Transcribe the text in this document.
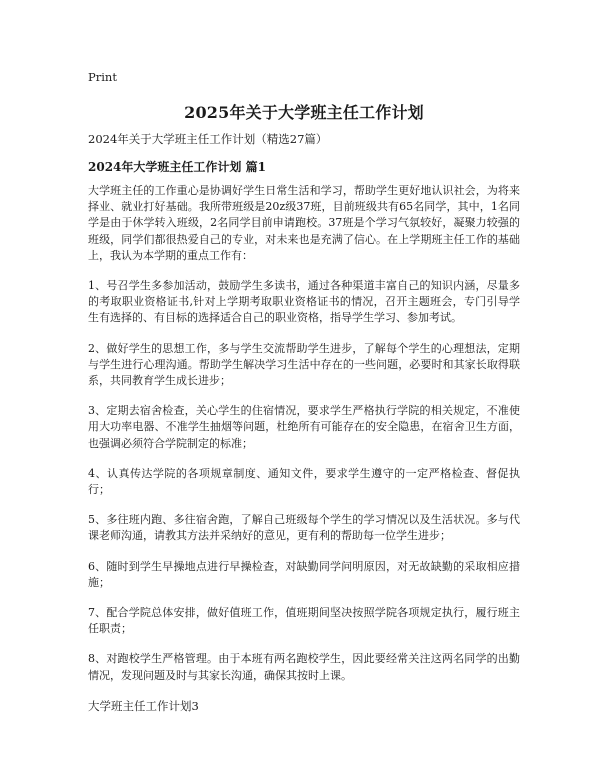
Print
2025年关于大学班主任工作计划
2024年关于大学班主任工作计划（精选27篇）
2024年大学班主任工作计划 篇1

大学班主任的工作重心是协调好学生日常生活和学习，帮助学生更好地认识社会，为将来择业、就业打好基础。我所带班级是20z级37班，目前班级共有65名同学，其中，1名同学是由于休学转入班级，2名同学目前申请跑校。37班是个学习气氛较好，凝聚力较强的班级，同学们都很热爱自己的专业，对未来也是充满了信心。在上学期班主任工作的基础上，我认为本学期的重点工作有：

1、号召学生多参加活动，鼓励学生多读书，通过各种渠道丰富自己的知识内涵，尽量多的考取职业资格证书,针对上学期考取职业资格证书的情况，召开主题班会，专门引导学生有选择的、有目标的选择适合自己的职业资格，指导学生学习、参加考试。

2、做好学生的思想工作，多与学生交流帮助学生进步，了解每个学生的心理想法，定期与学生进行心理沟通。帮助学生解决学习生活中存在的一些问题，必要时和其家长取得联系，共同教育学生成长进步；

3、定期去宿舍检查，关心学生的住宿情况，要求学生严格执行学院的相关规定，不准使用大功率电器、不准学生抽烟等问题，杜绝所有可能存在的安全隐患，在宿舍卫生方面，也强调必须符合学院制定的标准；

4、认真传达学院的各项规章制度、通知文件，要求学生遵守的一定严格检查、督促执行；

5、多往班内跑、多往宿舍跑，了解自己班级每个学生的学习情况以及生活状况。多与代课老师沟通，请教其方法并采纳好的意见，更有利的帮助每一位学生进步；

6、随时到学生早操地点进行早操检查，对缺勤同学问明原因，对无故缺勤的采取相应措施；

7、配合学院总体安排，做好值班工作，值班期间坚决按照学院各项规定执行，履行班主任职责；

8、对跑校学生严格管理。由于本班有两名跑校学生，因此要经常关注这两名同学的出勤情况，发现问题及时与其家长沟通，确保其按时上课。

大学班主任工作计划3
